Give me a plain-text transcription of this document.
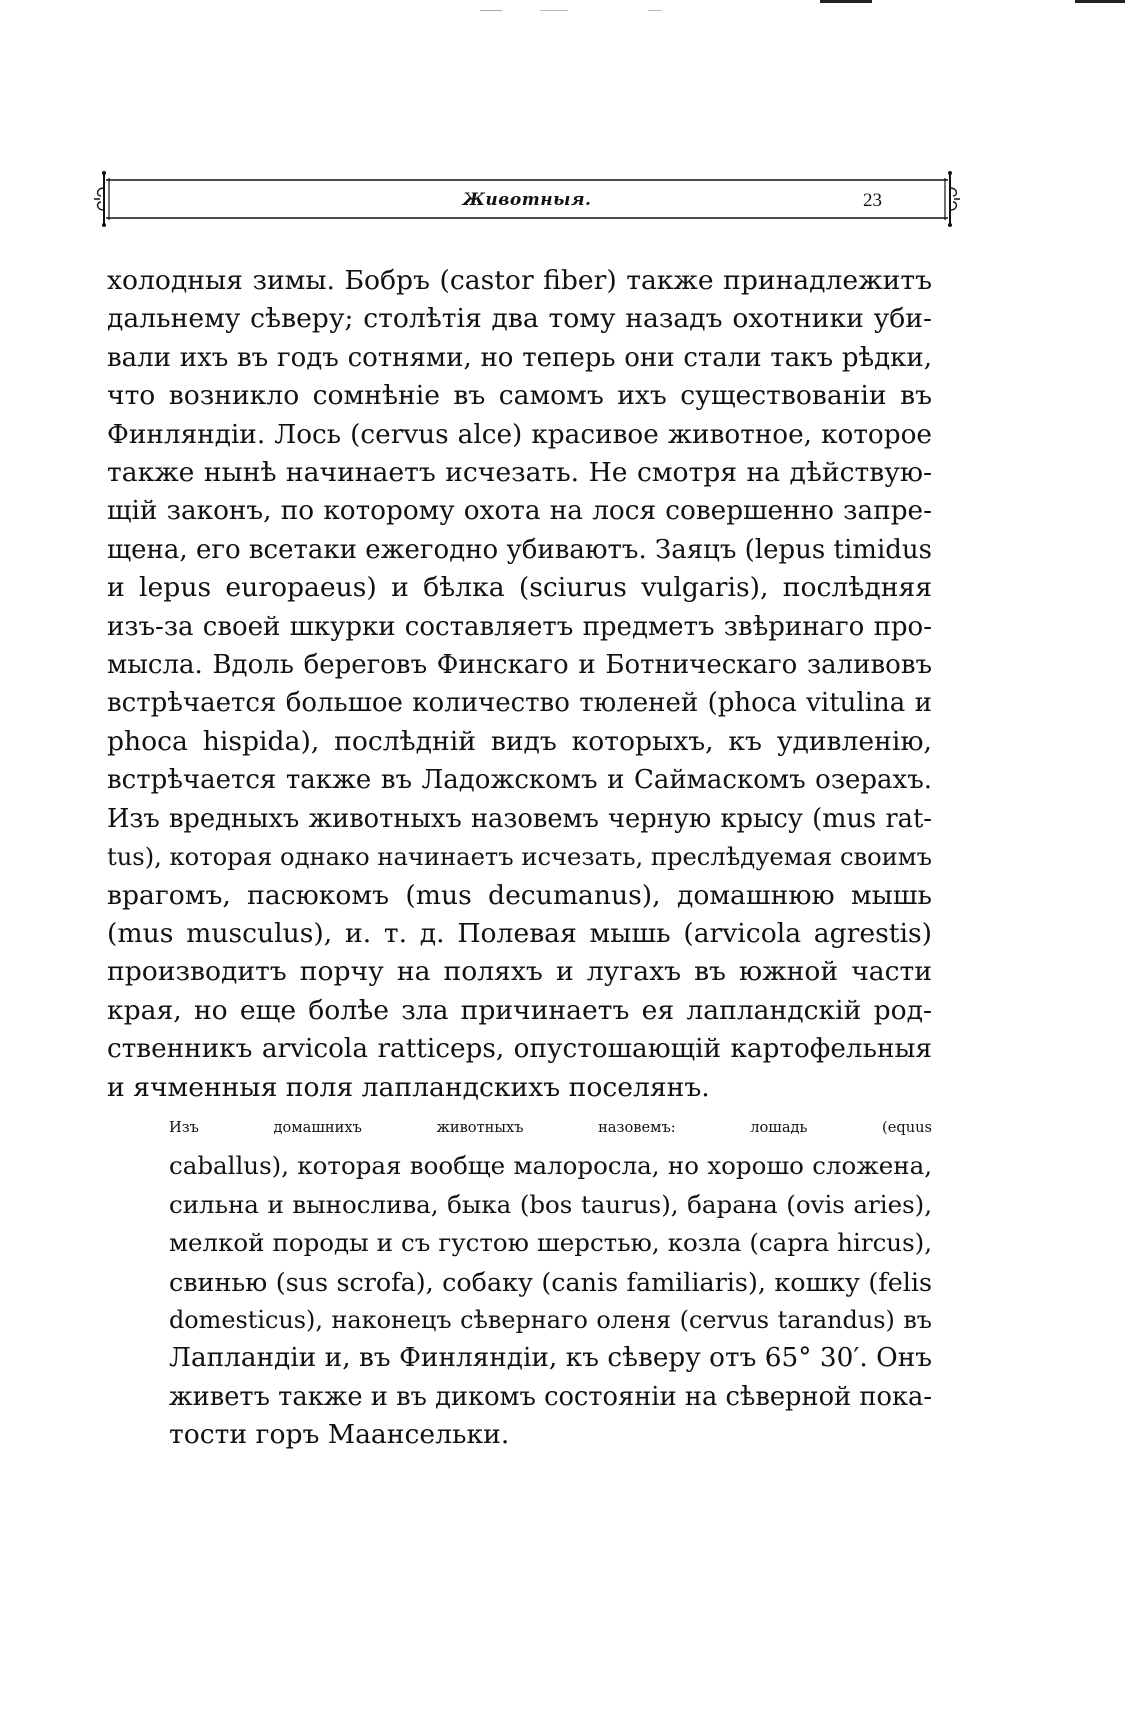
Животныя.	23

холодныя зимы. Бобръ (castor fiber) также принадлежитъ
дальнему сѣверу; столѣтія два тому назадъ охотники уби-
вали ихъ въ годъ сотнями, но теперь они стали такъ рѣдки,
что возникло сомнѣніе въ самомъ ихъ существованіи въ
Финляндіи. Лось (cervus alce) красивое животное, которое
также нынѣ начинаетъ исчезать. Не смотря на дѣйствую-
щій законъ, по которому охота на лося совершенно запре-
щена, его всетаки ежегодно убиваютъ. Заяцъ (lepus timidus
и lepus europaeus) и бѣлка (sciurus vulgaris), послѣдняя
изъ-за своей шкурки составляетъ предметъ звѣринаго про-
мысла. Вдоль береговъ Финскаго и Ботническаго заливовъ
встрѣчается большое количество тюленей (phoca vitulina и
phoca hispida), послѣдній видъ которыхъ, къ удивленію,
встрѣчается также въ Ладожскомъ и Саймаскомъ озерахъ.
Изъ вредныхъ животныхъ назовемъ черную крысу (mus rat-
tus), которая однако начинаетъ исчезать, преслѣдуемая своимъ
врагомъ, пасюкомъ (mus decumanus), домашнюю мышь
(mus musculus), и. т. д. Полевая мышь (arvicola agrestis)
производитъ порчу на поляхъ и лугахъ въ южной части
края, но еще болѣе зла причинаетъ ея лапландскій род-
ственникъ arvicola ratticeps, опустошающій картофельныя
и ячменныя поля лапландскихъ поселянъ.

Изъ домашнихъ животныхъ назовемъ: лошадь (equus
caballus), которая вообще малоросла, но хорошо сложена,
сильна и вынослива, быка (bos taurus), барана (ovis aries),
мелкой породы и съ густою шерстью, козла (capra hircus),
свинью (sus scrofa), собаку (canis familiaris), кошку (felis
domesticus), наконецъ сѣвернаго оленя (cervus tarandus) въ
Лапландіи и, въ Финляндіи, къ сѣверу отъ 65° 30′. Онъ
живетъ также и въ дикомъ состояніи на сѣверной пока-
тости горъ Маансельки.
